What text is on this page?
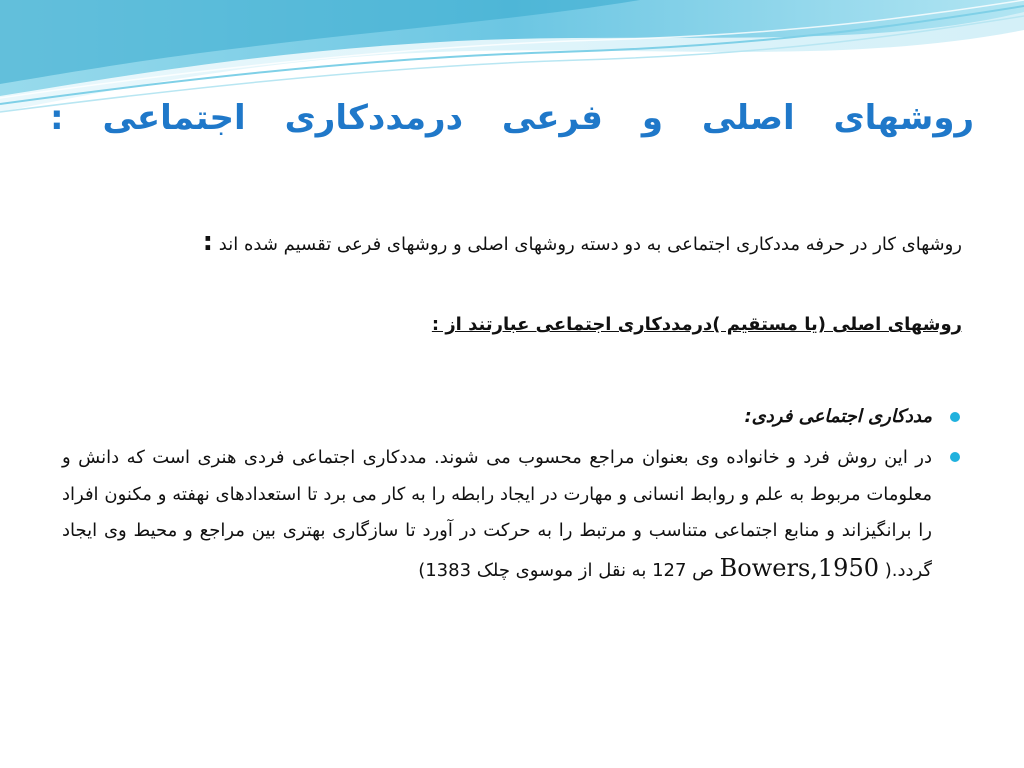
روشهای اصلی و فرعی درمددکاری اجتماعی :

روشهای کار در حرفه مددکاری اجتماعی به دو دسته روشهای اصلی و روشهای فرعی تقسیم شده اند :

روشهای اصلی (یا مستقیم )درمددکاری اجتماعی عبارتند از :

مددکاری اجتماعی فردی:
در این روش فرد و خانواده وی بعنوان مراجع محسوب می شوند. مددکاری اجتماعی فردی هنری است که دانش و معلومات مربوط به علم و روابط انسانی و مهارت در ایجاد رابطه را به کار می برد تا استعدادهای نهفته و مکنون افراد را برانگیزاند و منابع اجتماعی متناسب و مرتبط را به حرکت در آورد تا سازگاری بهتری بین مراجع و محیط وی ایجاد گردد.( Bowers,1950 ص 127 به نقل از موسوی چلک 1383)
